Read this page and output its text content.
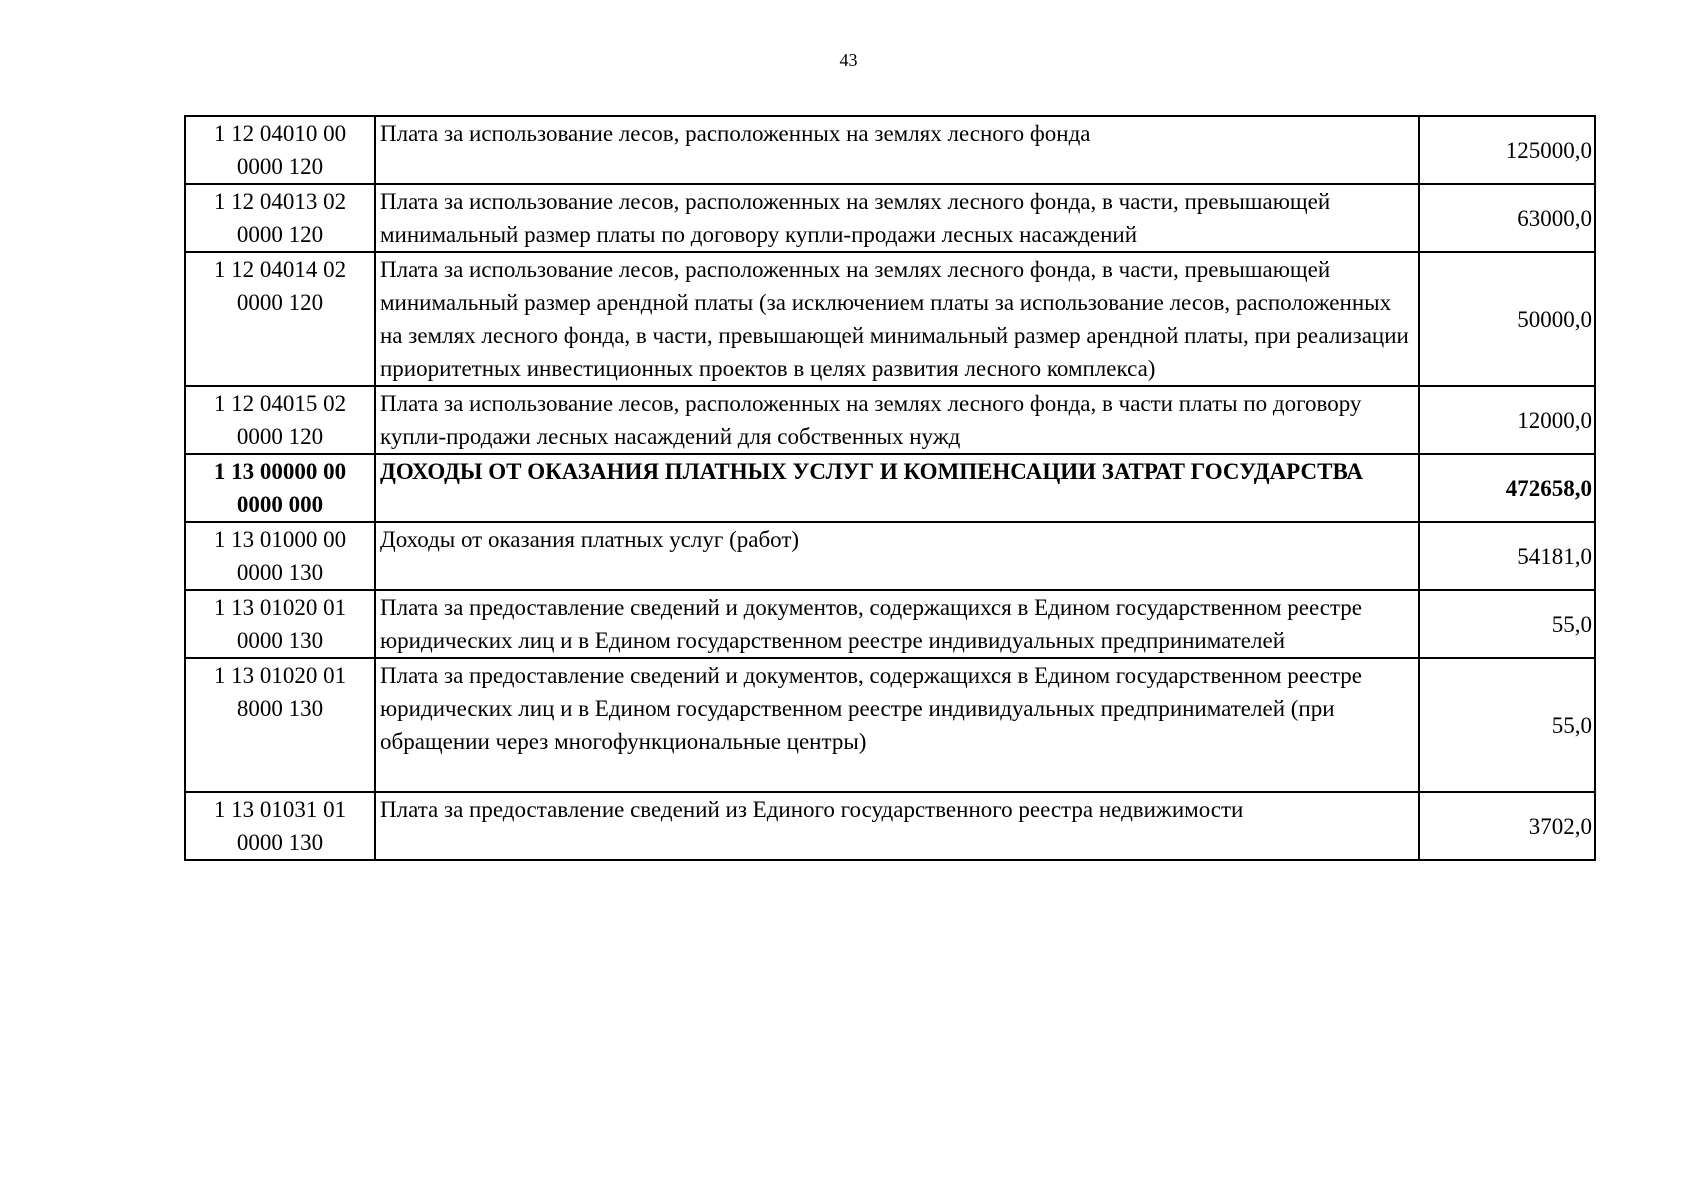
43
1 12 04010 00 0000 120	Плата за использование лесов, расположенных на землях лесного фонда	125000,0
1 12 04013 02 0000 120	Плата за использование лесов, расположенных на землях лесного фонда, в части, превышающей минимальный размер платы по договору купли-продажи лесных насаждений	63000,0
1 12 04014 02 0000 120	Плата за использование лесов, расположенных на землях лесного фонда, в части, превышающей минимальный размер арендной платы (за исключением платы за использование лесов, расположенных на землях лесного фонда, в части, превышающей минимальный размер арендной платы, при реализации приоритетных инвестиционных проектов в целях развития лесного комплекса)	50000,0
1 12 04015 02 0000 120	Плата за использование лесов, расположенных на землях лесного фонда, в части платы по договору купли-продажи лесных насаждений для собственных нужд	12000,0
1 13 00000 00 0000 000	ДОХОДЫ ОТ ОКАЗАНИЯ ПЛАТНЫХ УСЛУГ И КОМПЕНСАЦИИ ЗАТРАТ ГОСУДАРСТВА	472658,0
1 13 01000 00 0000 130	Доходы от оказания платных услуг (работ)	54181,0
1 13 01020 01 0000 130	Плата за предоставление сведений и документов, содержащихся в Едином государственном реестре юридических лиц и в Едином государственном реестре индивидуальных предпринимателей	55,0
1 13 01020 01 8000 130	Плата за предоставление сведений и документов, содержащихся в Едином государственном реестре юридических лиц и в Едином государственном реестре индивидуальных предпринимателей (при обращении через многофункциональные центры)	55,0
1 13 01031 01 0000 130	Плата за предоставление сведений из Единого государственного реестра недвижимости	3702,0
